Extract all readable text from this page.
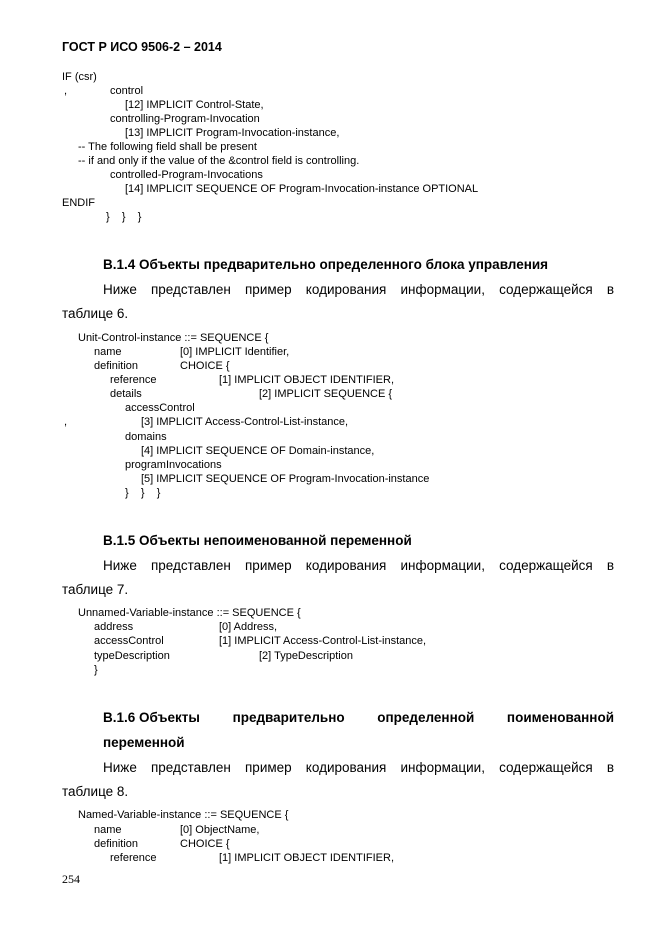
ГОСТ Р ИСО 9506-2 – 2014
IF (csr)
,	control
[12] IMPLICIT Control-State,
controlling-Program-Invocation
[13] IMPLICIT Program-Invocation-instance,
-- The following field shall be present
-- if and only if the value of the &control field is controlling.
controlled-Program-Invocations
[14] IMPLICIT SEQUENCE OF Program-Invocation-instance OPTIONAL
ENDIF
}    }    }
В.1.4 Объекты предварительно определенного блока управления
Ниже представлен пример кодирования информации, содержащейся в
таблице 6.
Unit-Control-instance ::= SEQUENCE {
name	[0] IMPLICIT Identifier,
definition	CHOICE {
reference	[1] IMPLICIT OBJECT IDENTIFIER,
details	[2] IMPLICIT SEQUENCE {
accessControl
,	[3] IMPLICIT Access-Control-List-instance,
domains
[4] IMPLICIT SEQUENCE OF Domain-instance,
programInvocations
[5] IMPLICIT SEQUENCE OF Program-Invocation-instance
}    }    }
В.1.5 Объекты непоименованной переменной
Ниже представлен пример кодирования информации, содержащейся в
таблице 7.
Unnamed-Variable-instance ::= SEQUENCE {
address	[0] Address,
accessControl	[1] IMPLICIT Access-Control-List-instance,
typeDescription	[2] TypeDescription
}
В.1.6 Объекты предварительно определенной поименованной
переменной
Ниже представлен пример кодирования информации, содержащейся в
таблице 8.
Named-Variable-instance ::= SEQUENCE {
name	[0] ObjectName,
definition	CHOICE {
reference	[1] IMPLICIT OBJECT IDENTIFIER,
254
